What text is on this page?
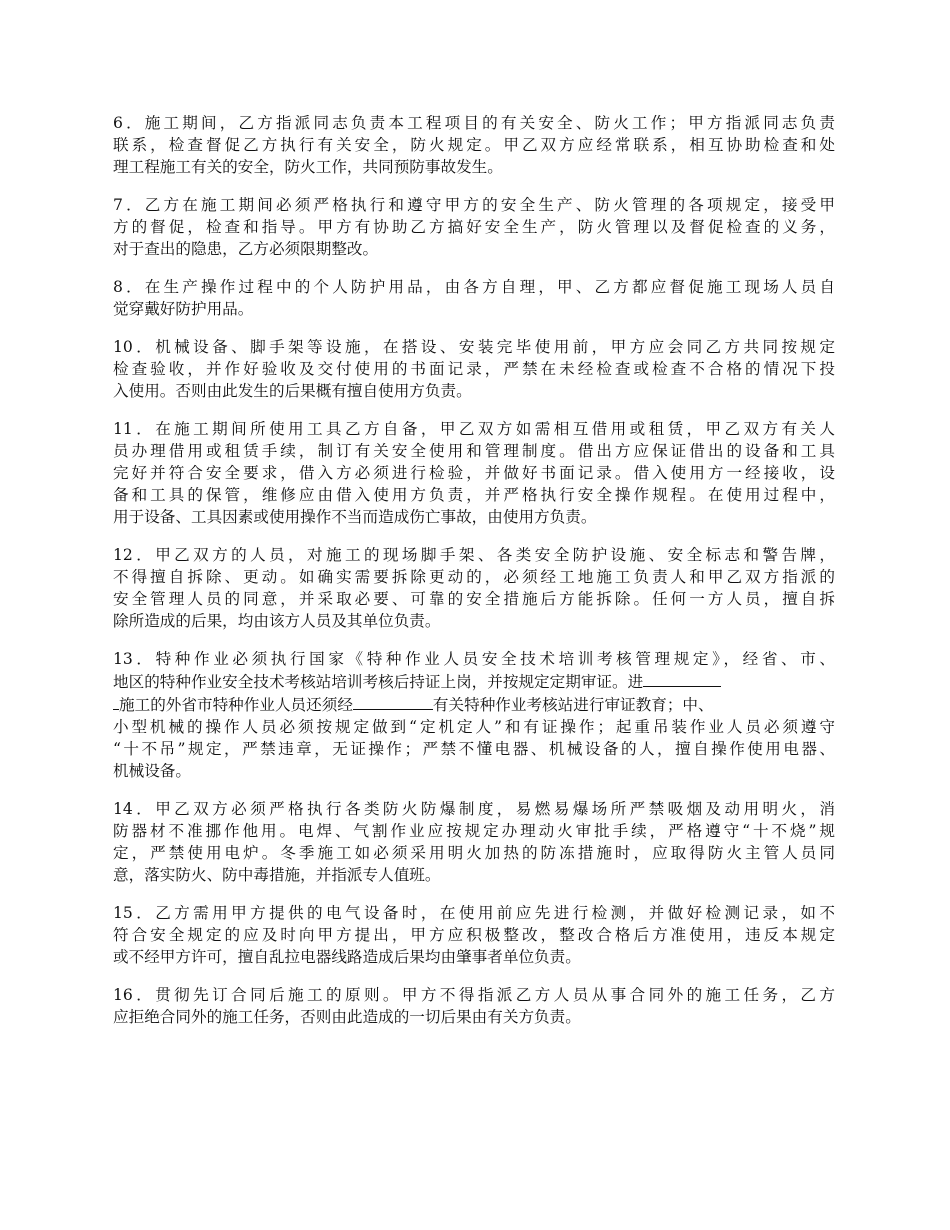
6．施工期间，乙方指派同志负责本工程项目的有关安全、防火工作；甲方指派同志负责
联系，检查督促乙方执行有关安全，防火规定。甲乙双方应经常联系，相互协助检查和处
理工程施工有关的安全，防火工作，共同预防事故发生。
7．乙方在施工期间必须严格执行和遵守甲方的安全生产、防火管理的各项规定，接受甲
方的督促，检查和指导。甲方有协助乙方搞好安全生产，防火管理以及督促检查的义务，
对于查出的隐患，乙方必须限期整改。
8．在生产操作过程中的个人防护用品，由各方自理，甲、乙方都应督促施工现场人员自
觉穿戴好防护用品。
10．机械设备、脚手架等设施，在搭设、安装完毕使用前，甲方应会同乙方共同按规定
检查验收，并作好验收及交付使用的书面记录，严禁在未经检查或检查不合格的情况下投
入使用。否则由此发生的后果概有擅自使用方负责。
11．在施工期间所使用工具乙方自备，甲乙双方如需相互借用或租赁，甲乙双方有关人
员办理借用或租赁手续，制订有关安全使用和管理制度。借出方应保证借出的设备和工具
完好并符合安全要求，借入方必须进行检验，并做好书面记录。借入使用方一经接收，设
备和工具的保管，维修应由借入使用方负责，并严格执行安全操作规程。在使用过程中，
用于设备、工具因素或使用操作不当而造成伤亡事故，由使用方负责。
12．甲乙双方的人员，对施工的现场脚手架、各类安全防护设施、安全标志和警告牌，
不得擅自拆除、更动。如确实需要拆除更动的，必须经工地施工负责人和甲乙双方指派的
安全管理人员的同意，并采取必要、可靠的安全措施后方能拆除。任何一方人员，擅自拆
除所造成的后果，均由该方人员及其单位负责。
13．特种作业必须执行国家《特种作业人员安全技术培训考核管理规定》，经省、市、
地区的特种作业安全技术考核站培训考核后持证上岗，并按规定定期审证。进
施工的外省市特种作业人员还须经	有关特种作业考核站进行审证教育；中、
小型机械的操作人员必须按规定做到“定机定人”和有证操作；起重吊装作业人员必须遵守
“十不吊”规定，严禁违章，无证操作；严禁不懂电器、机械设备的人，擅自操作使用电器、
机械设备。
14．甲乙双方必须严格执行各类防火防爆制度，易燃易爆场所严禁吸烟及动用明火，消
防器材不准挪作他用。电焊、气割作业应按规定办理动火审批手续，严格遵守“十不烧”规
定，严禁使用电炉。冬季施工如必须采用明火加热的防冻措施时，应取得防火主管人员同
意，落实防火、防中毒措施，并指派专人值班。
15．乙方需用甲方提供的电气设备时，在使用前应先进行检测，并做好检测记录，如不
符合安全规定的应及时向甲方提出，甲方应积极整改，整改合格后方准使用，违反本规定
或不经甲方许可，擅自乱拉电器线路造成后果均由肇事者单位负责。
16．贯彻先订合同后施工的原则。甲方不得指派乙方人员从事合同外的施工任务，乙方
应拒绝合同外的施工任务，否则由此造成的一切后果由有关方负责。
